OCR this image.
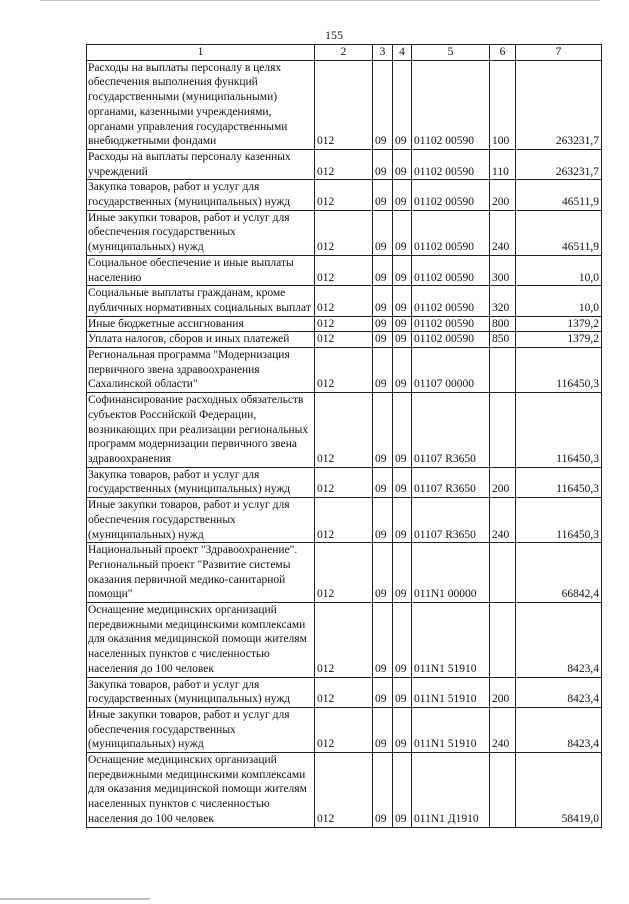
155
1	2	3	4	5	6	7
Расходы на выплаты персоналу в целях обеспечения выполнения функций государственными (муниципальными) органами, казенными учреждениями, органами управления государственными внебюджетными фондами	012	09	09	01102 00590	100	263231,7
Расходы на выплаты персоналу казенных учреждений	012	09	09	01102 00590	110	263231,7
Закупка товаров, работ и услуг для государственных (муниципальных) нужд	012	09	09	01102 00590	200	46511,9
Иные закупки товаров, работ и услуг для обеспечения государственных (муниципальных) нужд	012	09	09	01102 00590	240	46511,9
Социальное обеспечение и иные выплаты населению	012	09	09	01102 00590	300	10,0
Социальные выплаты гражданам, кроме публичных нормативных социальных выплат	012	09	09	01102 00590	320	10,0
Иные бюджетные ассигнования	012	09	09	01102 00590	800	1379,2
Уплата налогов, сборов и иных платежей	012	09	09	01102 00590	850	1379,2
Региональная программа "Модернизация первичного звена здравоохранения Сахалинской области"	012	09	09	01107 00000		116450,3
Софинансирование расходных обязательств субъектов Российской Федерации, возникающих при реализации региональных программ модернизации первичного звена здравоохранения	012	09	09	01107 R3650		116450,3
Закупка товаров, работ и услуг для государственных (муниципальных) нужд	012	09	09	01107 R3650	200	116450,3
Иные закупки товаров, работ и услуг для обеспечения государственных (муниципальных) нужд	012	09	09	01107 R3650	240	116450,3
Национальный проект "Здравоохранение". Региональный проект "Развитие системы оказания первичной медико-санитарной помощи"	012	09	09	011N1 00000		66842,4
Оснащение медицинских организаций передвижными медицинскими комплексами для оказания медицинской помощи жителям населенных пунктов с численностью населения до 100 человек	012	09	09	011N1 51910		8423,4
Закупка товаров, работ и услуг для государственных (муниципальных) нужд	012	09	09	011N1 51910	200	8423,4
Иные закупки товаров, работ и услуг для обеспечения государственных (муниципальных) нужд	012	09	09	011N1 51910	240	8423,4
Оснащение медицинских организаций передвижными медицинскими комплексами для оказания медицинской помощи жителям населенных пунктов с численностью населения до 100 человек	012	09	09	011N1 Д1910		58419,0
